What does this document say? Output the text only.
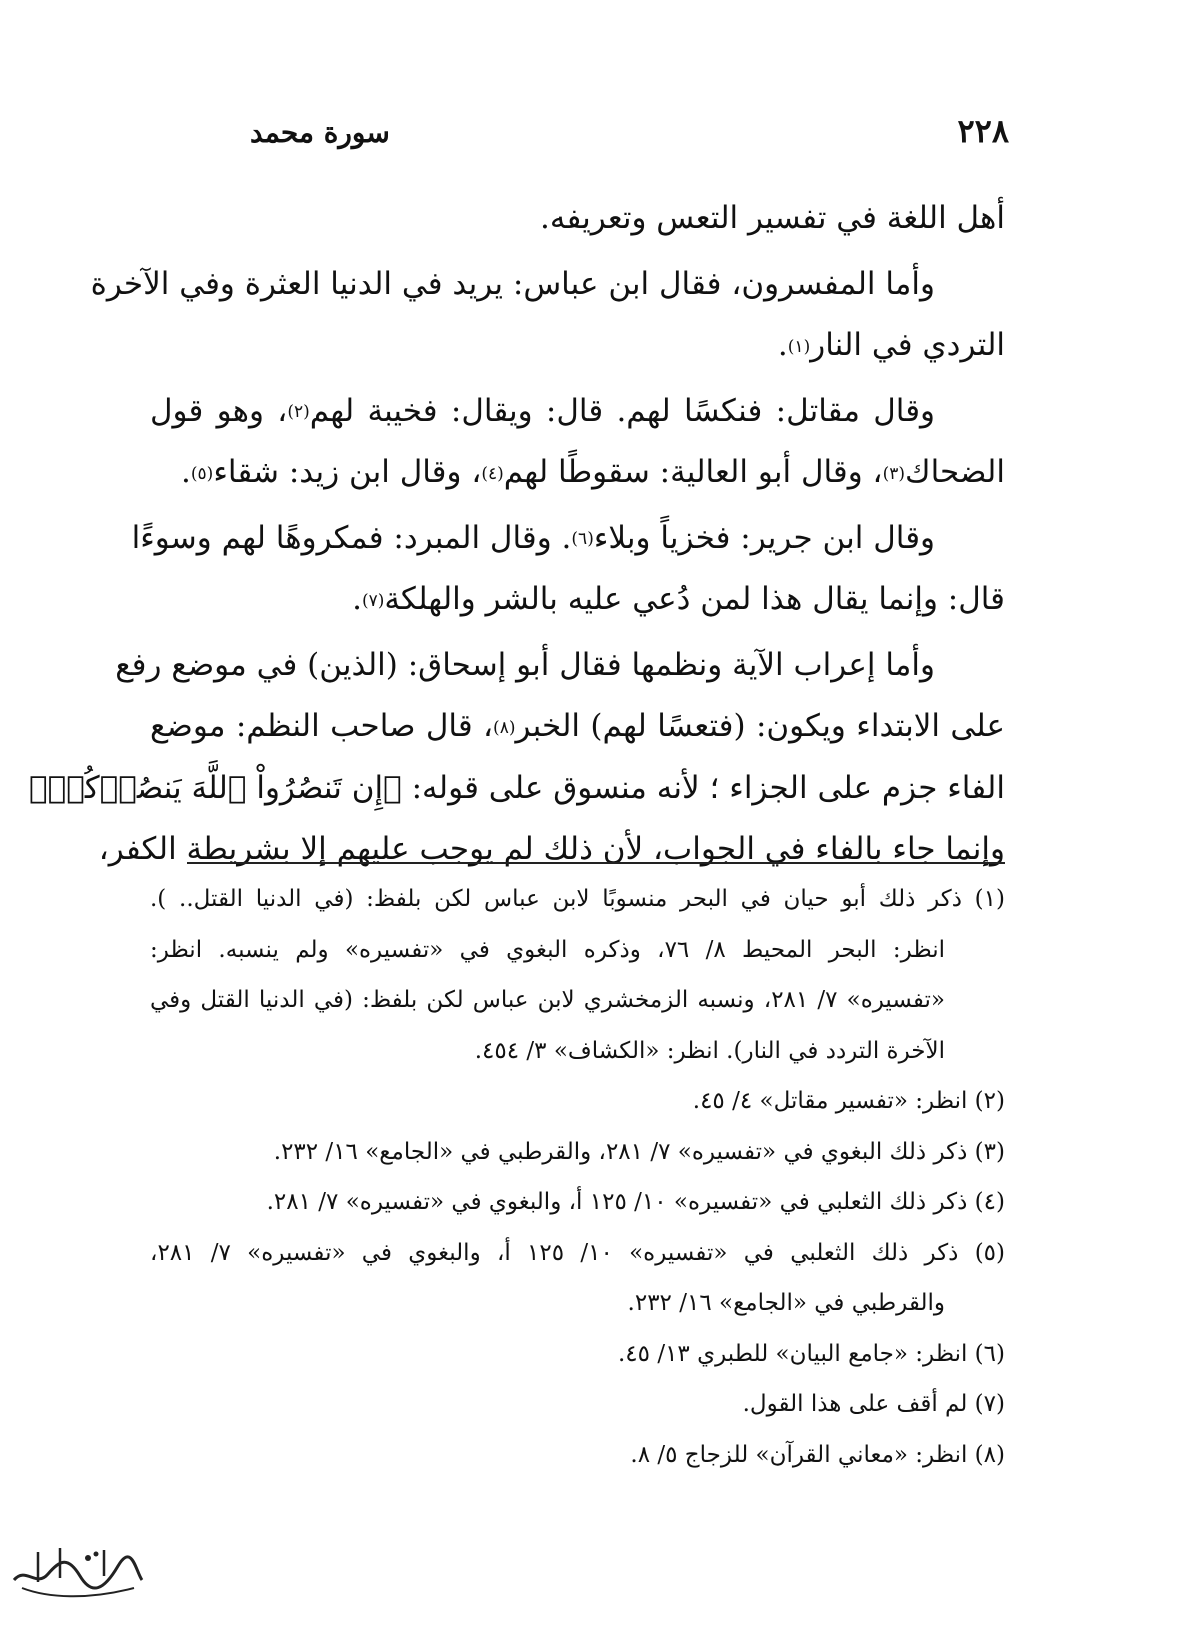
٢٢٨
سورة محمد
أهل اللغة في تفسير التعس وتعريفه.
وأما المفسرون، فقال ابن عباس: يريد في الدنيا العثرة وفي الآخرة
التردي في النار$^{(١)}$.
وقال مقاتل: فنكسًا لهم. قال: ويقال: فخيبة لهم$^{(٢)}$، وهو قول
الضحاك$^{(٣)}$، وقال أبو العالية: سقوطًا لهم$^{(٤)}$، وقال ابن زيد: شقاء$^{(٥)}$.
وقال ابن جرير: فخزياً وبلاء$^{(٦)}$. وقال المبرد: فمكروهًا لهم وسوءًا
قال: وإنما يقال هذا لمن دُعي عليه بالشر والهلكة$^{(٧)}$.
وأما إعراب الآية ونظمها فقال أبو إسحاق: (الذين) في موضع رفع
على الابتداء ويكون: (فتعسًا لهم) الخبر$^{(٨)}$، قال صاحب النظم: موضع
الفاء جزم على الجزاء ؛ لأنه منسوق على قوله: ﴿إِن تَنصُرُواْ ٱللَّهَ يَنصُرۡكُمۡ﴾
وإنما جاء بالفاء في الجواب، لأن ذلك لم يوجب عليهم إلا بشريطة الكفر،
(١) ذكر ذلك أبو حيان في البحر منسوبًا لابن عباس لكن بلفظ: (في الدنيا القتل.. ).
انظر: البحر المحيط ٨/ ٧٦، وذكره البغوي في «تفسيره» ولم ينسبه. انظر:
«تفسيره» ٧/ ٢٨١، ونسبه الزمخشري لابن عباس لكن بلفظ: (في الدنيا القتل وفي
الآخرة التردد في النار). انظر: «الكشاف» ٣/ ٤٥٤.
(٢) انظر: «تفسير مقاتل» ٤/ ٤٥.
(٣) ذكر ذلك البغوي في «تفسيره» ٧/ ٢٨١، والقرطبي في «الجامع» ١٦/ ٢٣٢.
(٤) ذكر ذلك الثعلبي في «تفسيره» ١٠/ ١٢٥ أ، والبغوي في «تفسيره» ٧/ ٢٨١.
(٥) ذكر ذلك الثعلبي في «تفسيره» ١٠/ ١٢٥ أ، والبغوي في «تفسيره» ٧/ ٢٨١،
والقرطبي في «الجامع» ١٦/ ٢٣٢.
(٦) انظر: «جامع البيان» للطبري ١٣/ ٤٥.
(٧) لم أقف على هذا القول.
(٨) انظر: «معاني القرآن» للزجاج ٥/ ٨.
